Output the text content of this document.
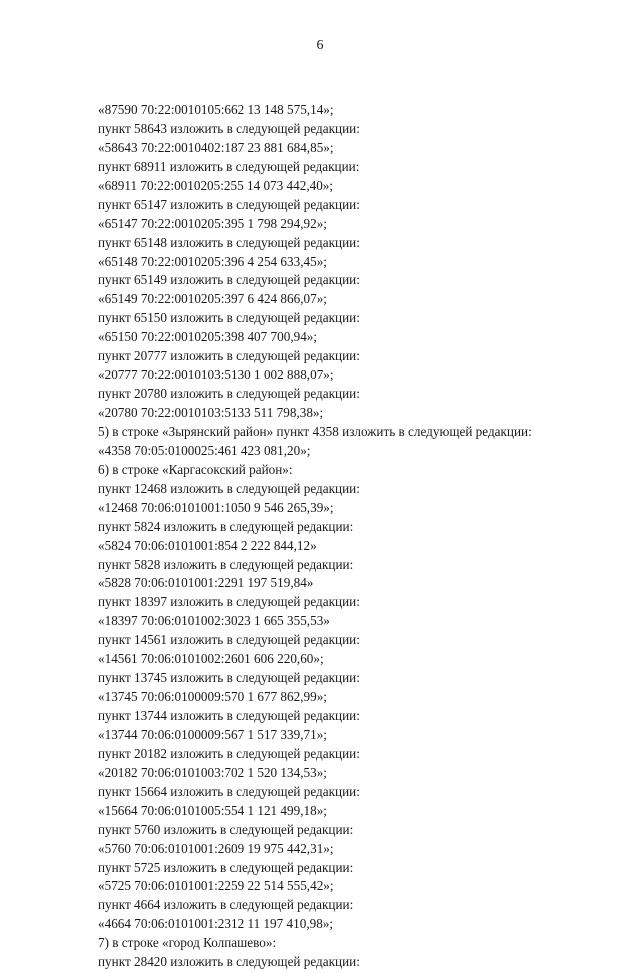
6
«87590 70:22:0010105:662 13 148 575,14»;
пункт 58643 изложить в следующей редакции:
«58643 70:22:0010402:187 23 881 684,85»;
пункт 68911 изложить в следующей редакции:
«68911 70:22:0010205:255 14 073 442,40»;
пункт 65147 изложить в следующей редакции:
«65147 70:22:0010205:395 1 798 294,92»;
пункт 65148 изложить в следующей редакции:
«65148 70:22:0010205:396 4 254 633,45»;
пункт 65149 изложить в следующей редакции:
«65149 70:22:0010205:397 6 424 866,07»;
пункт 65150 изложить в следующей редакции:
«65150 70:22:0010205:398 407 700,94»;
пункт 20777 изложить в следующей редакции:
«20777 70:22:0010103:5130 1 002 888,07»;
пункт 20780 изложить в следующей редакции:
«20780 70:22:0010103:5133 511 798,38»;
5) в строке «Зырянский район» пункт 4358 изложить в следующей редакции:
«4358 70:05:0100025:461 423 081,20»;
6) в строке «Каргасокский район»:
пункт 12468 изложить в следующей редакции:
«12468 70:06:0101001:1050 9 546 265,39»;
пункт 5824 изложить в следующей редакции:
«5824 70:06:0101001:854 2 222 844,12»
пункт 5828 изложить в следующей редакции:
«5828 70:06:0101001:2291 197 519,84»
пункт 18397 изложить в следующей редакции:
«18397 70:06:0101002:3023 1 665 355,53»
пункт 14561 изложить в следующей редакции:
«14561 70:06:0101002:2601 606 220,60»;
пункт 13745 изложить в следующей редакции:
«13745 70:06:0100009:570 1 677 862,99»;
пункт 13744 изложить в следующей редакции:
«13744 70:06:0100009:567 1 517 339,71»;
пункт 20182 изложить в следующей редакции:
«20182 70:06:0101003:702 1 520 134,53»;
пункт 15664 изложить в следующей редакции:
«15664 70:06:0101005:554 1 121 499,18»;
пункт 5760 изложить в следующей редакции:
«5760 70:06:0101001:2609 19 975 442,31»;
пункт 5725 изложить в следующей редакции:
«5725 70:06:0101001:2259 22 514 555,42»;
пункт 4664 изложить в следующей редакции:
«4664 70:06:0101001:2312 11 197 410,98»;
7) в строке «город Колпашево»:
пункт 28420 изложить в следующей редакции:
